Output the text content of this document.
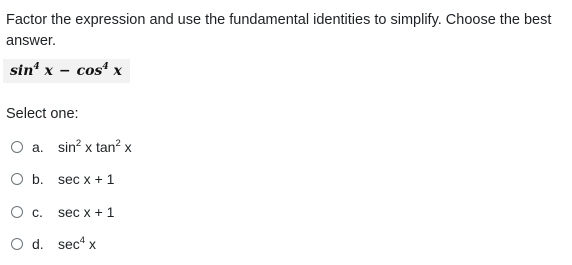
Factor the expression and use the fundamental identities to simplify. Choose the best answer.

$\sin^4 x - \cos^4 x$

Select one:

a.	$\sin^2 x$ $\tan^2 x$
b.	sec x + 1
c.	sec x + 1
d.	$\sec^4 x$
